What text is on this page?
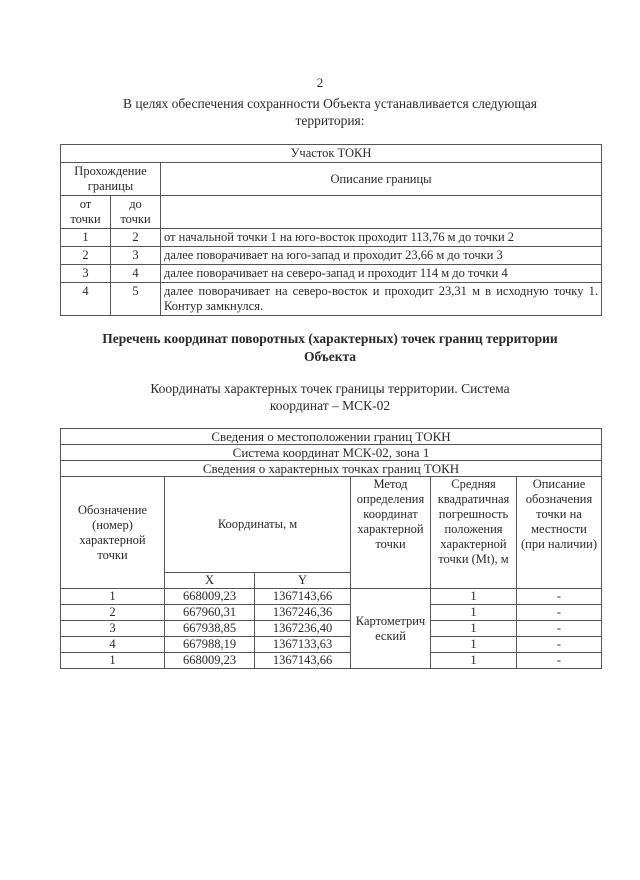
2
В целях обеспечения сохранности Объекта устанавливается следующая территория:
Участок ТОКН		
Прохождение границы		Описание границы
от точки	до точки	
1	2	от начальной точки 1 на юго-восток проходит 113,76 м до точки 2
2	3	далее поворачивает на юго-запад и проходит 23,66 м до точки 3
3	4	далее поворачивает на северо-запад и проходит 114 м до точки 4
4	5	далее поворачивает на северо-восток и проходит 23,31 м в исходную точку 1. Контур замкнулся.
Перечень координат поворотных (характерных) точек границ территории Объекта
Координаты характерных точек границы территории. Система координат – МСК-02
Сведения о местоположении границ ТОКН					
Система координат МСК-02, зона 1					
Сведения о характерных точках границ ТОКН					
Обозначение (номер) характерной точки	Координаты, м		Метод определения координат характерной точки	Средняя квадратичная погрешность положения характерной точки (Mt), м	Описание обозначения точки на местности (при наличии)
	X	Y			
1	668009,23	1367143,66	Картометрический	1	-
2	667960,31	1367246,36		1	-
3	667938,85	1367236,40		1	-
4	667988,19	1367133,63		1	-
1	668009,23	1367143,66		1	-
